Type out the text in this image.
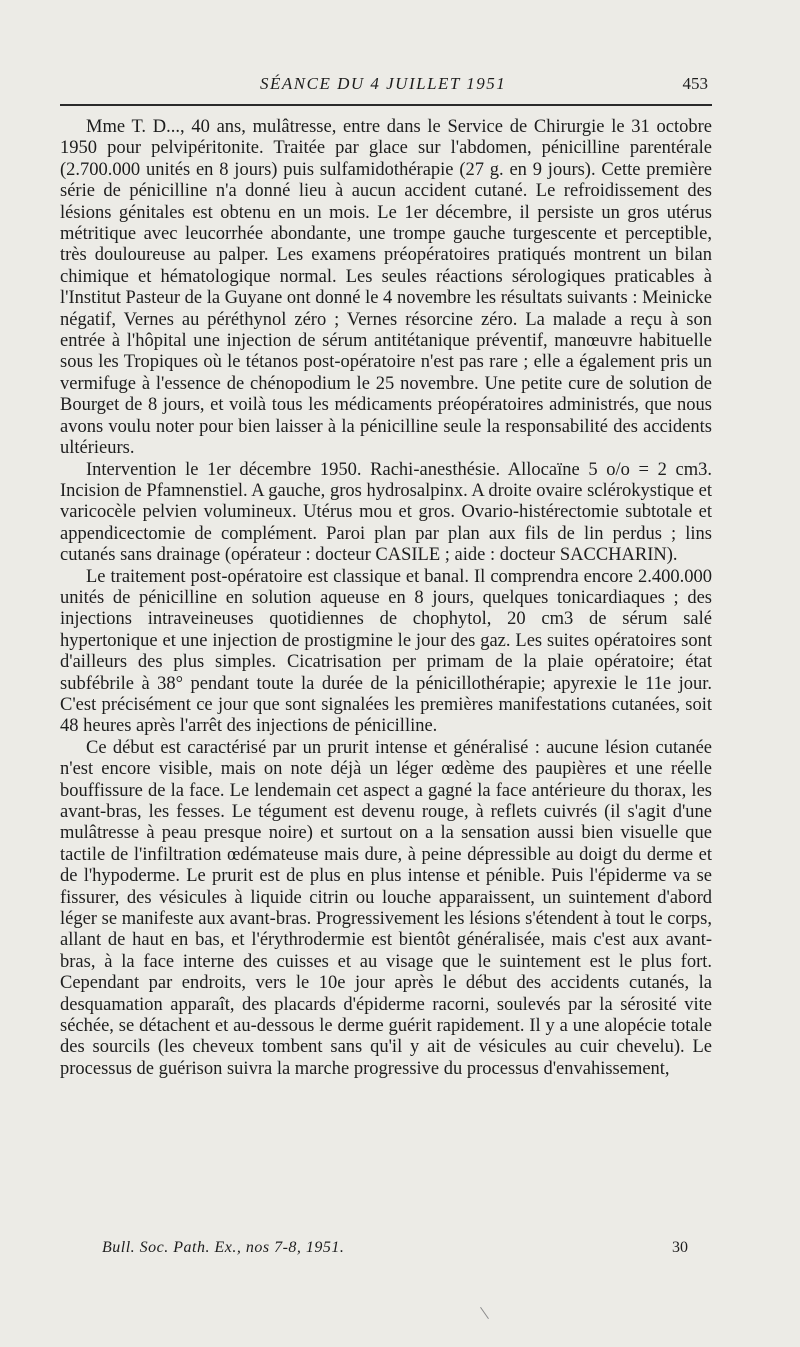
SÉANCE DU 4 JUILLET 1951	453

Mme T. D..., 40 ans, mulâtresse, entre dans le Service de Chirurgie le 31 octobre 1950 pour pelvipéritonite. Traitée par glace sur l'abdomen, pénicilline parentérale (2.700.000 unités en 8 jours) puis sulfamidothérapie (27 g. en 9 jours). Cette première série de pénicilline n'a donné lieu à aucun accident cutané. Le refroidissement des lésions génitales est obtenu en un mois. Le 1er décembre, il persiste un gros utérus métritique avec leucorrhée abondante, une trompe gauche turgescente et perceptible, très douloureuse au palper. Les examens préopératoires pratiqués montrent un bilan chimique et hématologique normal. Les seules réactions sérologiques praticables à l'Institut Pasteur de la Guyane ont donné le 4 novembre les résultats suivants : Meinicke négatif, Vernes au péréthynol zéro ; Vernes résorcine zéro. La malade a reçu à son entrée à l'hôpital une injection de sérum antitétanique préventif, manœuvre habituelle sous les Tropiques où le tétanos post-opératoire n'est pas rare ; elle a également pris un vermifuge à l'essence de chénopodium le 25 novembre. Une petite cure de solution de Bourget de 8 jours, et voilà tous les médicaments préopératoires administrés, que nous avons voulu noter pour bien laisser à la pénicilline seule la responsabilité des accidents ultérieurs.

Intervention le 1er décembre 1950. Rachi-anesthésie. Allocaïne 5 o/o = 2 cm3. Incision de Pfamnenstiel. A gauche, gros hydrosalpinx. A droite ovaire sclérokystique et varicocèle pelvien volumineux. Utérus mou et gros. Ovario-histérectomie subtotale et appendicectomie de complément. Paroi plan par plan aux fils de lin perdus ; lins cutanés sans drainage (opérateur : docteur CASILE ; aide : docteur SACCHARIN).

Le traitement post-opératoire est classique et banal. Il comprendra encore 2.400.000 unités de pénicilline en solution aqueuse en 8 jours, quelques tonicardiaques ; des injections intraveineuses quotidiennes de chophytol, 20 cm3 de sérum salé hypertonique et une injection de prostigmine le jour des gaz. Les suites opératoires sont d'ailleurs des plus simples. Cicatrisation per primam de la plaie opératoire; état subfébrile à 38° pendant toute la durée de la pénicillothérapie; apyrexie le 11e jour. C'est précisément ce jour que sont signalées les premières manifestations cutanées, soit 48 heures après l'arrêt des injections de pénicilline.

Ce début est caractérisé par un prurit intense et généralisé : aucune lésion cutanée n'est encore visible, mais on note déjà un léger œdème des paupières et une réelle bouffissure de la face. Le lendemain cet aspect a gagné la face antérieure du thorax, les avant-bras, les fesses. Le tégument est devenu rouge, à reflets cuivrés (il s'agit d'une mulâtresse à peau presque noire) et surtout on a la sensation aussi bien visuelle que tactile de l'infiltration œdémateuse mais dure, à peine dépressible au doigt du derme et de l'hypoderme. Le prurit est de plus en plus intense et pénible. Puis l'épiderme va se fissurer, des vésicules à liquide citrin ou louche apparaissent, un suintement d'abord léger se manifeste aux avant-bras. Progressivement les lésions s'étendent à tout le corps, allant de haut en bas, et l'érythrodermie est bientôt généralisée, mais c'est aux avant-bras, à la face interne des cuisses et au visage que le suintement est le plus fort. Cependant par endroits, vers le 10e jour après le début des accidents cutanés, la desquamation apparaît, des placards d'épiderme racorni, soulevés par la sérosité vite séchée, se détachent et au-dessous le derme guérit rapidement. Il y a une alopécie totale des sourcils (les cheveux tombent sans qu'il y ait de vésicules au cuir chevelu). Le processus de guérison suivra la marche progressive du processus d'envahissement,

Bull. Soc. Path. Ex., nos 7-8, 1951.	30
